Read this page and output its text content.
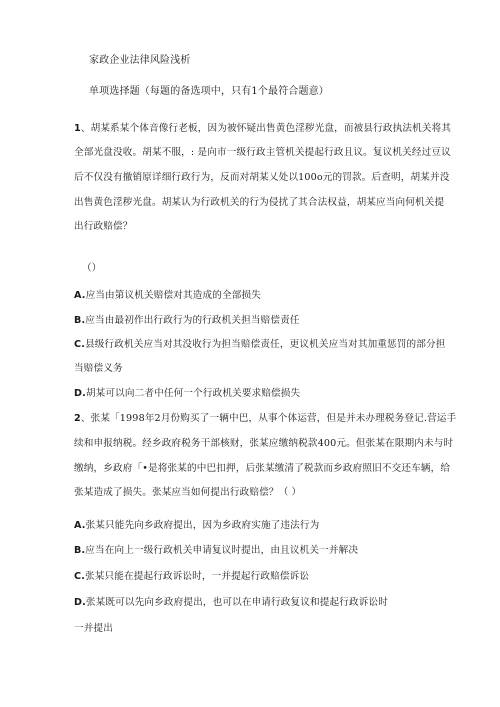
家政企业法律风险浅析
单项选择题（每题的备选项中，只有1个最符合题意）
1、胡某系某个体音像行老板，因为被怀疑出售黄色淫秽光盘，而被县行政执法机关将其
全部光盘没收。胡某不服，: 是向市一级行政主管机关提起行政且议。复议机关经过豆议
后不仅没有撤销原详细行政行为，反而对胡某乂处以100o元的罚款。后查明，胡某并没
出售黄色淫秽光盘。胡某认为行政机关的行为侵扰了其合法权益，胡某应当向何机关提
出行政赔偿？
（）
A.应当由第议机关赔偿对其造成的全部损失
B.应当由最初作出行政行为的行政机关担当赔偿责任
C.县级行政机关应当对其没收行为担当赔偿责任，更议机关应当对其加重惩罚的部分担
当赔偿义务
D.胡某可以向二者中任何一个行政机关要求赔偿损失
2、张某「1998年2月份购买了一辆中巴，从事个体运营，但是并未办理税务登记.营运手
续和申报纳税。经乡政府税务干部核财，张某应缴纳税款400元。但张某在限期内未与时
缴纳，乡政府「•是将张某的中巴扣押，后张某缴清了税款而乡政府照旧不交还车辆，给
张某造成了损失。张某应当如何提出行政赔偿？（ ）
A.张某只能先向乡政府提出，因为乡政府实施了违法行为
B.应当在向上一级行政机关申请复议时提出，由且议机关一并解决
C.张某只能在提起行政诉讼时，一并提起行政赔偿诉讼
D.张某既可以先向乡政府提出，也可以在申请行政复议和提起行政诉讼时
一并提出
